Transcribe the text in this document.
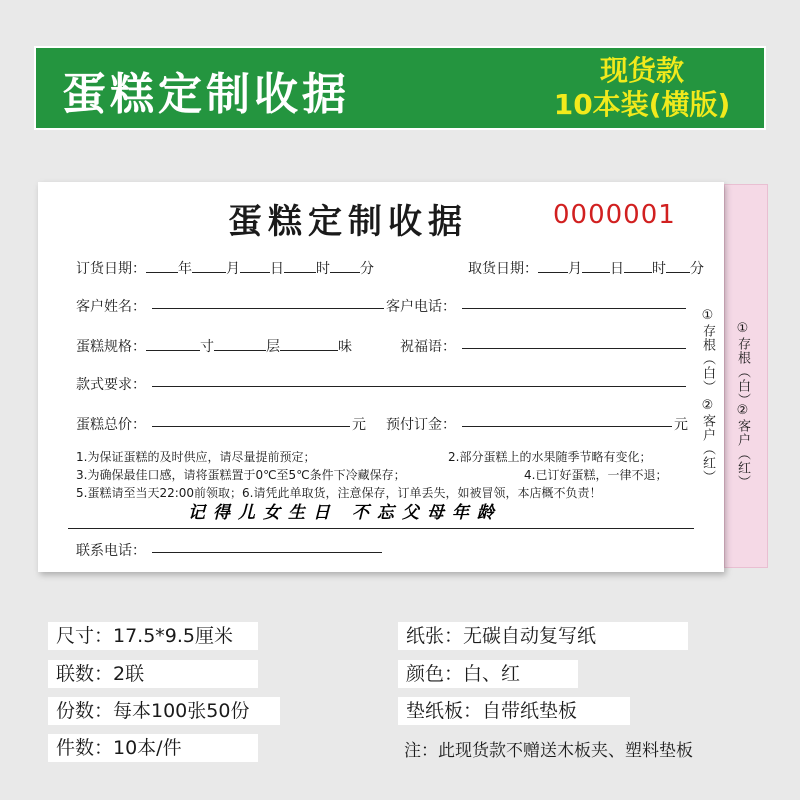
蛋糕定制收据	现货款
10本装(横版)
①存根（白）
②客户（红）
蛋糕定制收据	0000001
订货日期： 年 月 日 时 分	取货日期： 月 日 时 分
客户姓名：	客户电话：
蛋糕规格：	寸	层	味	祝福语：
款式要求：
蛋糕总价：	元 预付订金：	元
1.为保证蛋糕的及时供应，请尽量提前预定；	2.部分蛋糕上的水果随季节略有变化；
3.为确保最佳口感，请将蛋糕置于0℃至5℃条件下冷藏保存；	4.已订好蛋糕，一律不退；
5.蛋糕请至当天22:00前领取；6.请凭此单取货，注意保存，订单丢失，如被冒领，本店概不负责！
记得儿女生日 不忘父母年龄
联系电话：
①存根（白）
②客户（红）
尺寸：17.5*9.5厘米
联数：2联
份数：每本100张50份
件数：10本/件
纸张：无碳自动复写纸
颜色：白、红
垫纸板：自带纸垫板
注：此现货款不赠送木板夹、塑料垫板
